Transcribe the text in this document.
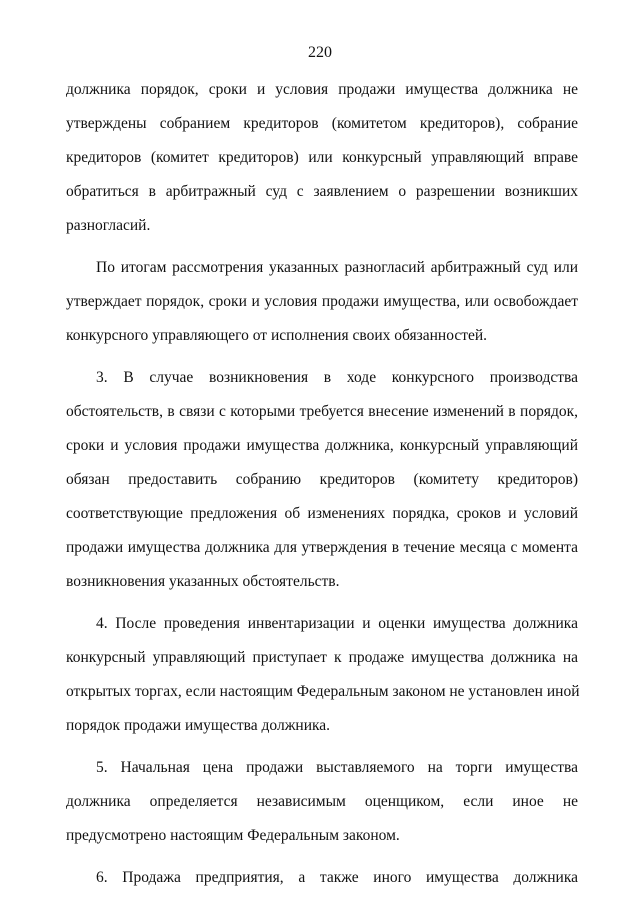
220
должника порядок, сроки и условия продажи имущества должника не
утверждены собранием кредиторов (комитетом кредиторов), собрание
кредиторов (комитет кредиторов) или конкурсный управляющий вправе
обратиться в арбитражный суд с заявлением о разрешении возникших
разногласий.
По итогам рассмотрения указанных разногласий арбитражный суд или
утверждает порядок, сроки и условия продажи имущества, или освобождает
конкурсного управляющего от исполнения своих обязанностей.
3. В случае возникновения в ходе конкурсного производства
обстоятельств, в связи с которыми требуется внесение изменений в порядок,
сроки и условия продажи имущества должника, конкурсный управляющий
обязан предоставить собранию кредиторов (комитету кредиторов)
соответствующие предложения об изменениях порядка, сроков и условий
продажи имущества должника для утверждения в течение месяца с момента
возникновения указанных обстоятельств.
4. После проведения инвентаризации и оценки имущества должника
конкурсный управляющий приступает к продаже имущества должника на
открытых торгах, если настоящим Федеральным законом не установлен иной
порядок продажи имущества должника.
5. Начальная цена продажи выставляемого на торги имущества
должника определяется независимым оценщиком, если иное не
предусмотрено настоящим Федеральным законом.
6. Продажа предприятия, а также иного имущества должника
